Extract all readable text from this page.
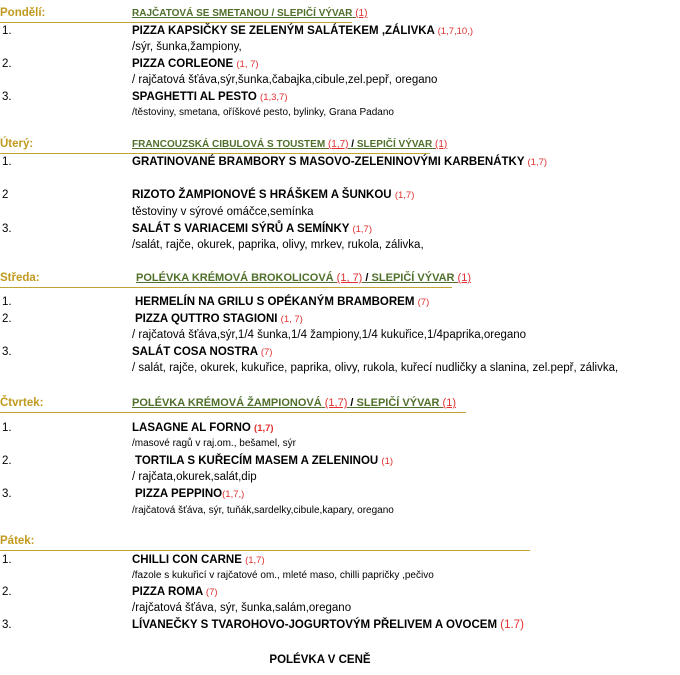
Pondělí:	RAJČATOVÁ SE SMETANOU / SLEPIČÍ VÝVAR (1)
1.	PIZZA KAPSIČKY SE ZELENÝM SALÁTEKEM ,ZÁLIVKA (1,7,10,)
/sýr, šunka,žampiony,
2.	PIZZA CORLEONE (1, 7)
/ rajčatová šťáva,sýr,šunka,čabajka,cibule,zel.pepř, oregano
3.	SPAGHETTI AL PESTO (1,3,7)
/těstoviny, smetana, oříškové pesto, bylinky, Grana Padano
Úterý:	FRANCOUZSKÁ CIBULOVÁ S TOUSTEM (1,7) / SLEPIČÍ VÝVAR (1)
1.	GRATINOVANÉ BRAMBORY S MASOVO-ZELENINOVÝMI KARBENÁTKY (1,7)
2	RIZOTO ŽAMPIONOVÉ S HRÁŠKEM A ŠUNKOU (1,7)
těstoviny v sýrové omáčce,semínka
3.	SALÁT S VARIACEMI SÝRŮ A SEMÍNKY (1,7)
/salát, rajče, okurek, paprika, olivy, mrkev, rukola, zálivka,
Středa:	POLÉVKA KRÉMOVÁ BROKOLICOVÁ (1, 7) / SLEPIČÍ VÝVAR (1)
1.	HERMELÍN NA GRILU S OPÉKANÝM BRAMBOREM (7)
2.	PIZZA QUTTRO STAGIONI (1, 7)
/ rajčatová šťáva,sýr,1/4 šunka,1/4 žampiony,1/4 kukuřice,1/4paprika,oregano
3.	SALÁT COSA NOSTRA (7)
/ salát, rajče, okurek, kukuřice, paprika, olivy, rukola, kuřecí nudličky a slanina, zel.pepř, zálivka,
Čtvrtek:	POLÉVKA KRÉMOVÁ ŽAMPIONOVÁ (1,7) / SLEPIČÍ VÝVAR (1)
1.	LASAGNE AL FORNO (1,7)
/masové ragů v raj.om., bešamel, sýr
2.	TORTILA S KUŘECÍM MASEM A ZELENINOU (1)
/ rajčata,okurek,salát,dip
3.	PIZZA PEPPINO(1,7,)
/rajčatová šťáva, sýr, tuňák,sardelky,cibule,kapary, oregano
Pátek:
1.	CHILLI CON CARNE (1,7)
/fazole s kukuřicí v rajčatové om., mleté maso, chilli papričky ,pečivo
2.	PIZZA ROMA (7)
/rajčatová šťáva, sýr, šunka,salám,oregano
3.	LÍVANEČKY S TVAROHOVO-JOGURTOVÝM PŘELIVEM A OVOCEM (1.7)
POLÉVKA V CENĚ
